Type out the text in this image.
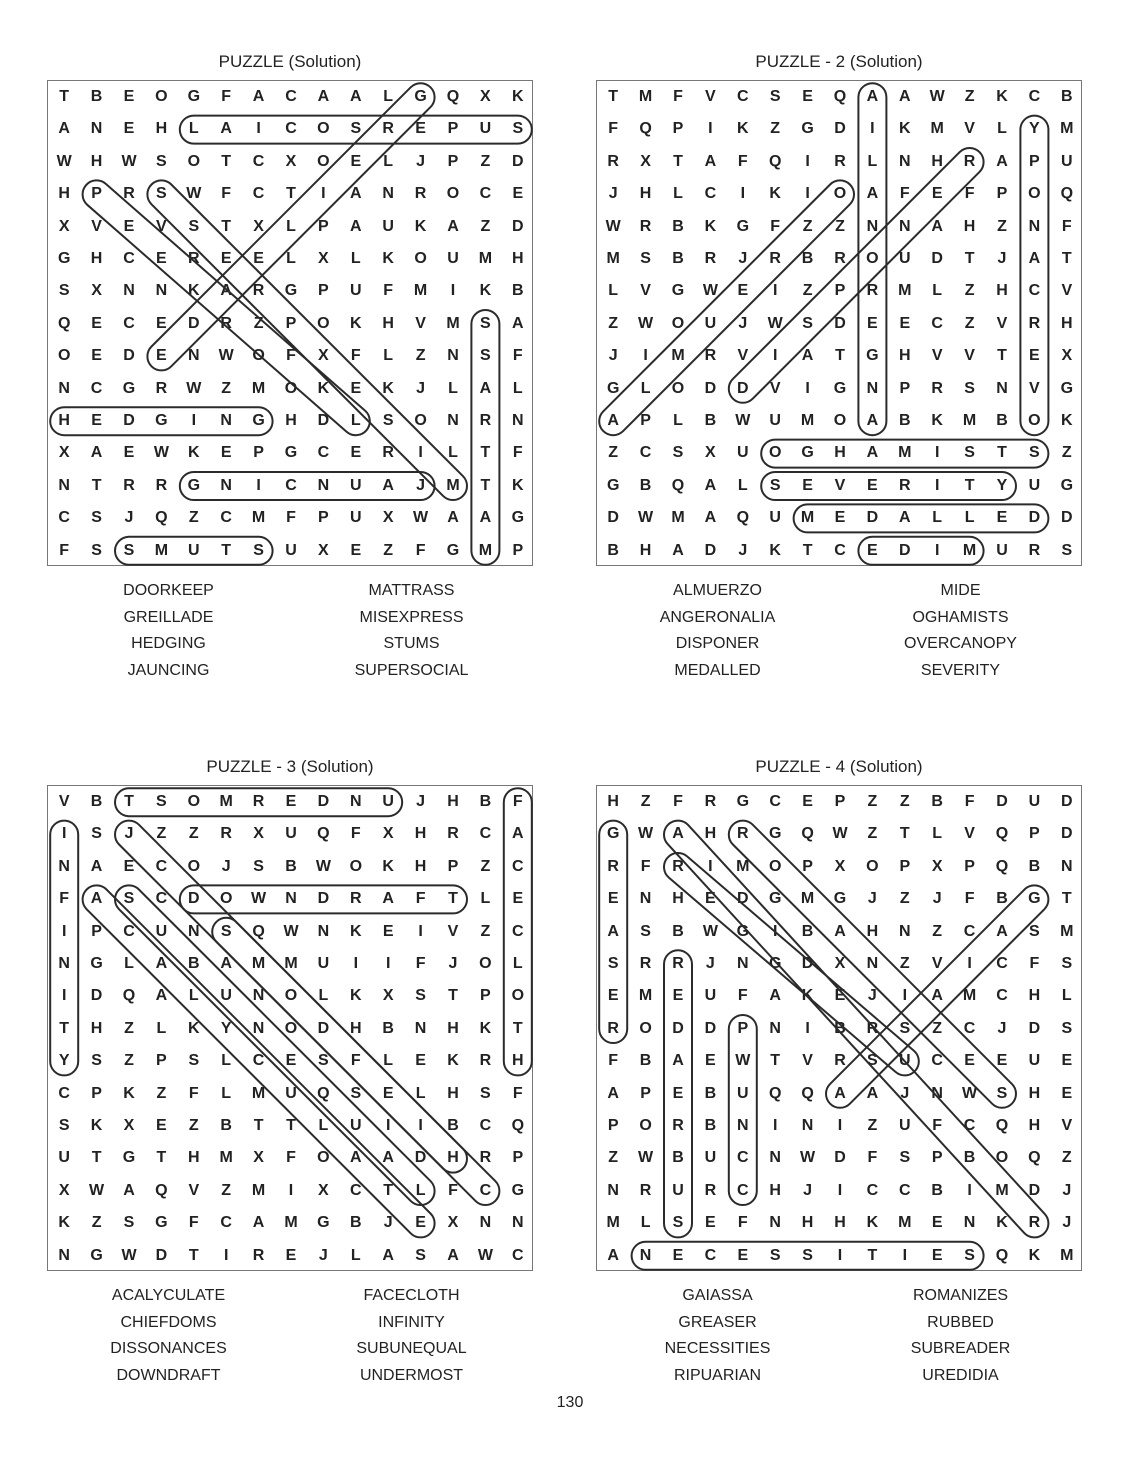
PUZZLE (Solution)
T	B	E	O	G	F	A	C	A	A	L	G	Q	X	K
A	N	E	H	L	A	I	C	O	S	R	E	P	U	S
W	H	W	S	O	T	C	X	O	E	L	J	P	Z	D
H	P	R	S	W	F	C	T	I	A	N	R	O	C	E
X	V	E	V	S	T	X	L	P	A	U	K	A	Z	D
G	H	C	E	R	E	E	L	X	L	K	O	U	M	H
S	X	N	N	K	A	R	G	P	U	F	M	I	K	B
Q	E	C	E	D	R	Z	P	O	K	H	V	M	S	A
O	E	D	E	N	W	O	F	X	F	L	Z	N	S	F
N	C	G	R	W	Z	M	O	K	E	K	J	L	A	L
H	E	D	G	I	N	G	H	D	L	S	O	N	R	N
X	A	E	W	K	E	P	G	C	E	R	I	L	T	F
N	T	R	R	G	N	I	C	N	U	A	J	M	T	K
C	S	J	Q	Z	C	M	F	P	U	X	W	A	A	G
F	S	S	M	U	T	S	U	X	E	Z	F	G	M	P
DOORKEEP
GREILLADE
HEDGING
JAUNCING
MATTRASS
MISEXPRESS
STUMS
SUPERSOCIAL
PUZZLE - 2 (Solution)
T	M	F	V	C	S	E	Q	A	A	W	Z	K	C	B
F	Q	P	I	K	Z	G	D	I	K	M	V	L	Y	M
R	X	T	A	F	Q	I	R	L	N	H	R	A	P	U
J	H	L	C	I	K	I	O	A	F	E	F	P	O	Q
W	R	B	K	G	F	Z	Z	N	N	A	H	Z	N	F
M	S	B	R	J	R	B	R	O	U	D	T	J	A	T
L	V	G	W	E	I	Z	P	R	M	L	Z	H	C	V
Z	W	O	U	J	W	S	D	E	E	C	Z	V	R	H
J	I	M	R	V	I	A	T	G	H	V	V	T	E	X
G	L	O	D	D	V	I	G	N	P	R	S	N	V	G
A	P	L	B	W	U	M	O	A	B	K	M	B	O	K
Z	C	S	X	U	O	G	H	A	M	I	S	T	S	Z
G	B	Q	A	L	S	E	V	E	R	I	T	Y	U	G
D	W	M	A	Q	U	M	E	D	A	L	L	E	D	D
B	H	A	D	J	K	T	C	E	D	I	M	U	R	S
ALMUERZO
ANGERONALIA
DISPONER
MEDALLED
MIDE
OGHAMISTS
OVERCANOPY
SEVERITY
PUZZLE - 3 (Solution)
V	B	T	S	O	M	R	E	D	N	U	J	H	B	F
I	S	J	Z	Z	R	X	U	Q	F	X	H	R	C	A
N	A	E	C	O	J	S	B	W	O	K	H	P	Z	C
F	A	S	C	D	O	W	N	D	R	A	F	T	L	E
I	P	C	U	N	S	Q	W	N	K	E	I	V	Z	C
N	G	L	A	B	A	M	M	U	I	I	F	J	O	L
I	D	Q	A	L	U	N	O	L	K	X	S	T	P	O
T	H	Z	L	K	Y	N	O	D	H	B	N	H	K	T
Y	S	Z	P	S	L	C	E	S	F	L	E	K	R	H
C	P	K	Z	F	L	M	U	Q	S	E	L	H	S	F
S	K	X	E	Z	B	T	T	L	U	I	I	B	C	Q
U	T	G	T	H	M	X	F	O	A	A	D	H	R	P
X	W	A	Q	V	Z	M	I	X	C	T	L	F	C	G
K	Z	S	G	F	C	A	M	G	B	J	E	X	N	N
N	G	W	D	T	I	R	E	J	L	A	S	A	W	C
ACALYCULATE
CHIEFDOMS
DISSONANCES
DOWNDRAFT
FACECLOTH
INFINITY
SUBUNEQUAL
UNDERMOST
PUZZLE - 4 (Solution)
H	Z	F	R	G	C	E	P	Z	Z	B	F	D	U	D
G	W	A	H	R	G	Q	W	Z	T	L	V	Q	P	D
R	F	R	I	M	O	P	X	O	P	X	P	Q	B	N
E	N	H	E	D	G	M	G	J	Z	J	F	B	G	T
A	S	B	W	G	I	B	A	H	N	Z	C	A	S	M
S	R	R	J	N	G	D	X	N	Z	V	I	C	F	S
E	M	E	U	F	A	K	E	J	I	A	M	C	H	L
R	O	D	D	P	N	I	B	R	S	Z	C	J	D	S
F	B	A	E	W	T	V	R	S	U	C	E	E	U	E
A	P	E	B	U	Q	Q	A	A	J	N	W	S	H	E
P	O	R	B	N	I	N	I	Z	U	F	C	Q	H	V
Z	W	B	U	C	N	W	D	F	S	P	B	O	Q	Z
N	R	U	R	C	H	J	I	C	C	B	I	M	D	J
M	L	S	E	F	N	H	H	K	M	E	N	K	R	J
A	N	E	C	E	S	S	I	T	I	E	S	Q	K	M
GAIASSA
GREASER
NECESSITIES
RIPUARIAN
ROMANIZES
RUBBED
SUBREADER
UREDIDIA
130
